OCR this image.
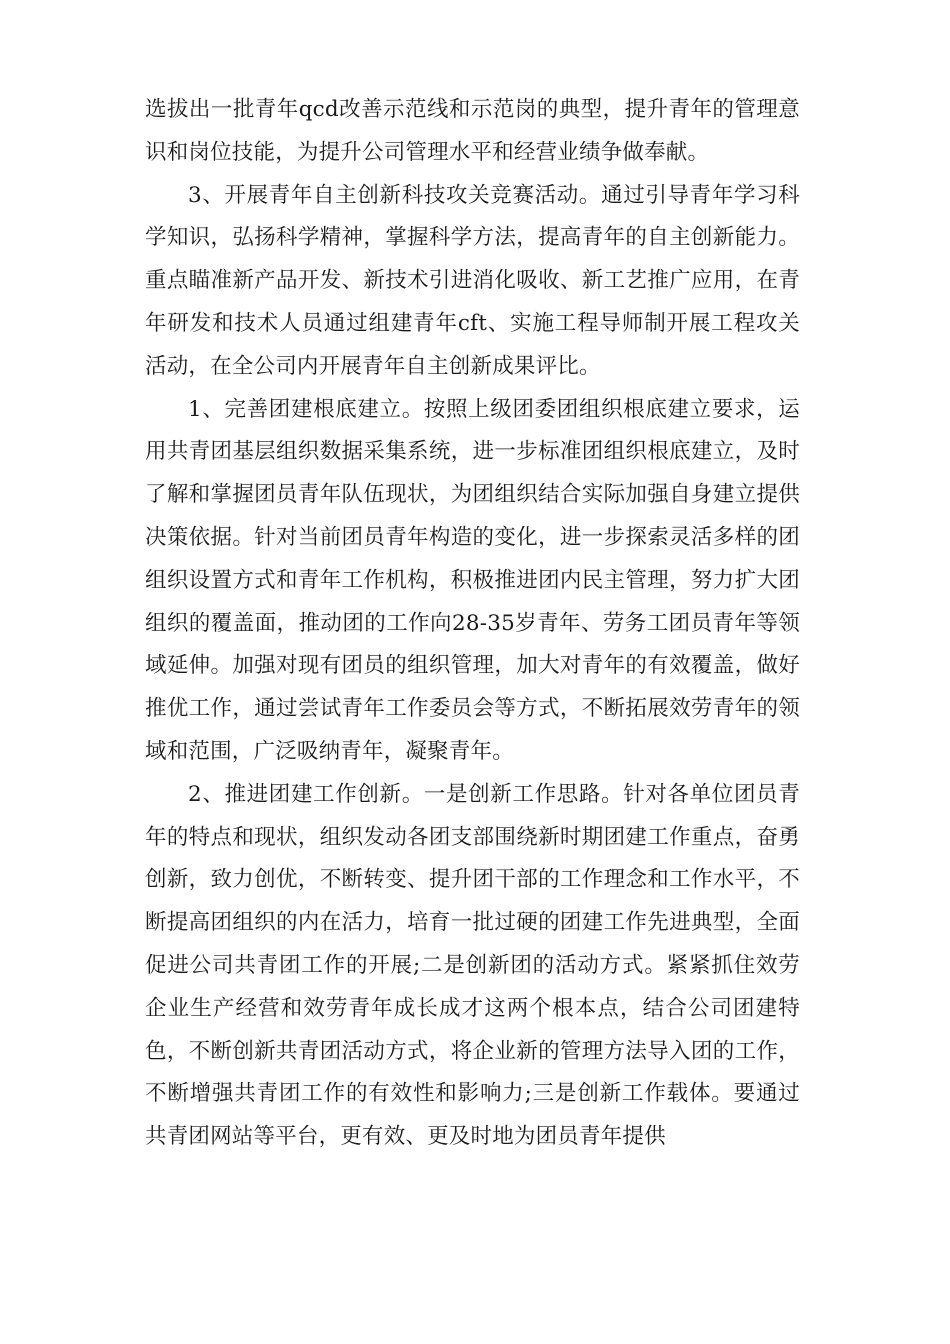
选拔出一批青年qcd改善示范线和示范岗的典型，提升青年的管理意识和岗位技能，为提升公司管理水平和经营业绩争做奉献。

3、开展青年自主创新科技攻关竞赛活动。通过引导青年学习科学知识，弘扬科学精神，掌握科学方法，提高青年的自主创新能力。重点瞄准新产品开发、新技术引进消化吸收、新工艺推广应用，在青年研发和技术人员通过组建青年cft、实施工程导师制开展工程攻关活动，在全公司内开展青年自主创新成果评比。

1、完善团建根底建立。按照上级团委团组织根底建立要求，运用共青团基层组织数据采集系统，进一步标准团组织根底建立，及时了解和掌握团员青年队伍现状，为团组织结合实际加强自身建立提供决策依据。针对当前团员青年构造的变化，进一步探索灵活多样的团组织设置方式和青年工作机构，积极推进团内民主管理，努力扩大团组织的覆盖面，推动团的工作向28-35岁青年、劳务工团员青年等领域延伸。加强对现有团员的组织管理，加大对青年的有效覆盖，做好推优工作，通过尝试青年工作委员会等方式，不断拓展效劳青年的领域和范围，广泛吸纳青年，凝聚青年。

2、推进团建工作创新。一是创新工作思路。针对各单位团员青年的特点和现状，组织发动各团支部围绕新时期团建工作重点，奋勇创新，致力创优，不断转变、提升团干部的工作理念和工作水平，不断提高团组织的内在活力，培育一批过硬的团建工作先进典型，全面促进公司共青团工作的开展;二是创新团的活动方式。紧紧抓住效劳企业生产经营和效劳青年成长成才这两个根本点，结合公司团建特色，不断创新共青团活动方式，将企业新的管理方法导入团的工作，不断增强共青团工作的有效性和影响力;三是创新工作载体。要通过共青团网站等平台，更有效、更及时地为团员青年提供
